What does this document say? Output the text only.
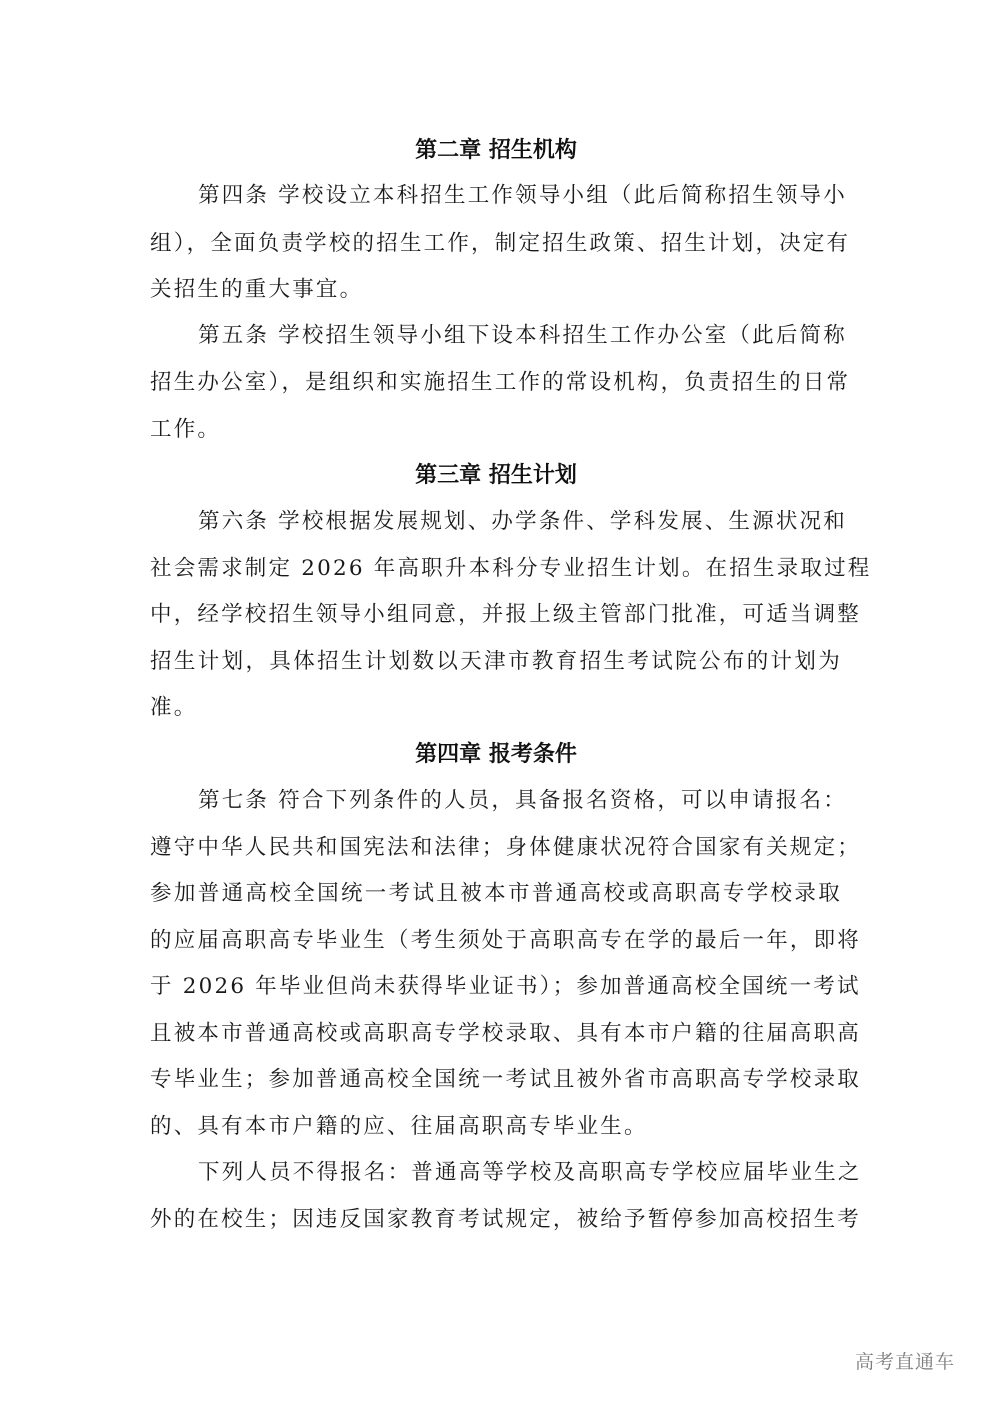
第二章 招生机构
第四条 学校设立本科招生工作领导小组（此后简称招生领导小
组），全面负责学校的招生工作，制定招生政策、招生计划，决定有
关招生的重大事宜。
第五条 学校招生领导小组下设本科招生工作办公室（此后简称
招生办公室），是组织和实施招生工作的常设机构，负责招生的日常
工作。
第三章 招生计划
第六条 学校根据发展规划、办学条件、学科发展、生源状况和
社会需求制定 2026 年高职升本科分专业招生计划。在招生录取过程
中，经学校招生领导小组同意，并报上级主管部门批准，可适当调整
招生计划，具体招生计划数以天津市教育招生考试院公布的计划为
准。
第四章 报考条件
第七条 符合下列条件的人员，具备报名资格，可以申请报名：
遵守中华人民共和国宪法和法律；身体健康状况符合国家有关规定；
参加普通高校全国统一考试且被本市普通高校或高职高专学校录取
的应届高职高专毕业生（考生须处于高职高专在学的最后一年，即将
于 2026 年毕业但尚未获得毕业证书）；参加普通高校全国统一考试
且被本市普通高校或高职高专学校录取、具有本市户籍的往届高职高
专毕业生；参加普通高校全国统一考试且被外省市高职高专学校录取
的、具有本市户籍的应、往届高职高专毕业生。
下列人员不得报名：普通高等学校及高职高专学校应届毕业生之
外的在校生；因违反国家教育考试规定，被给予暂停参加高校招生考
高考直通车
